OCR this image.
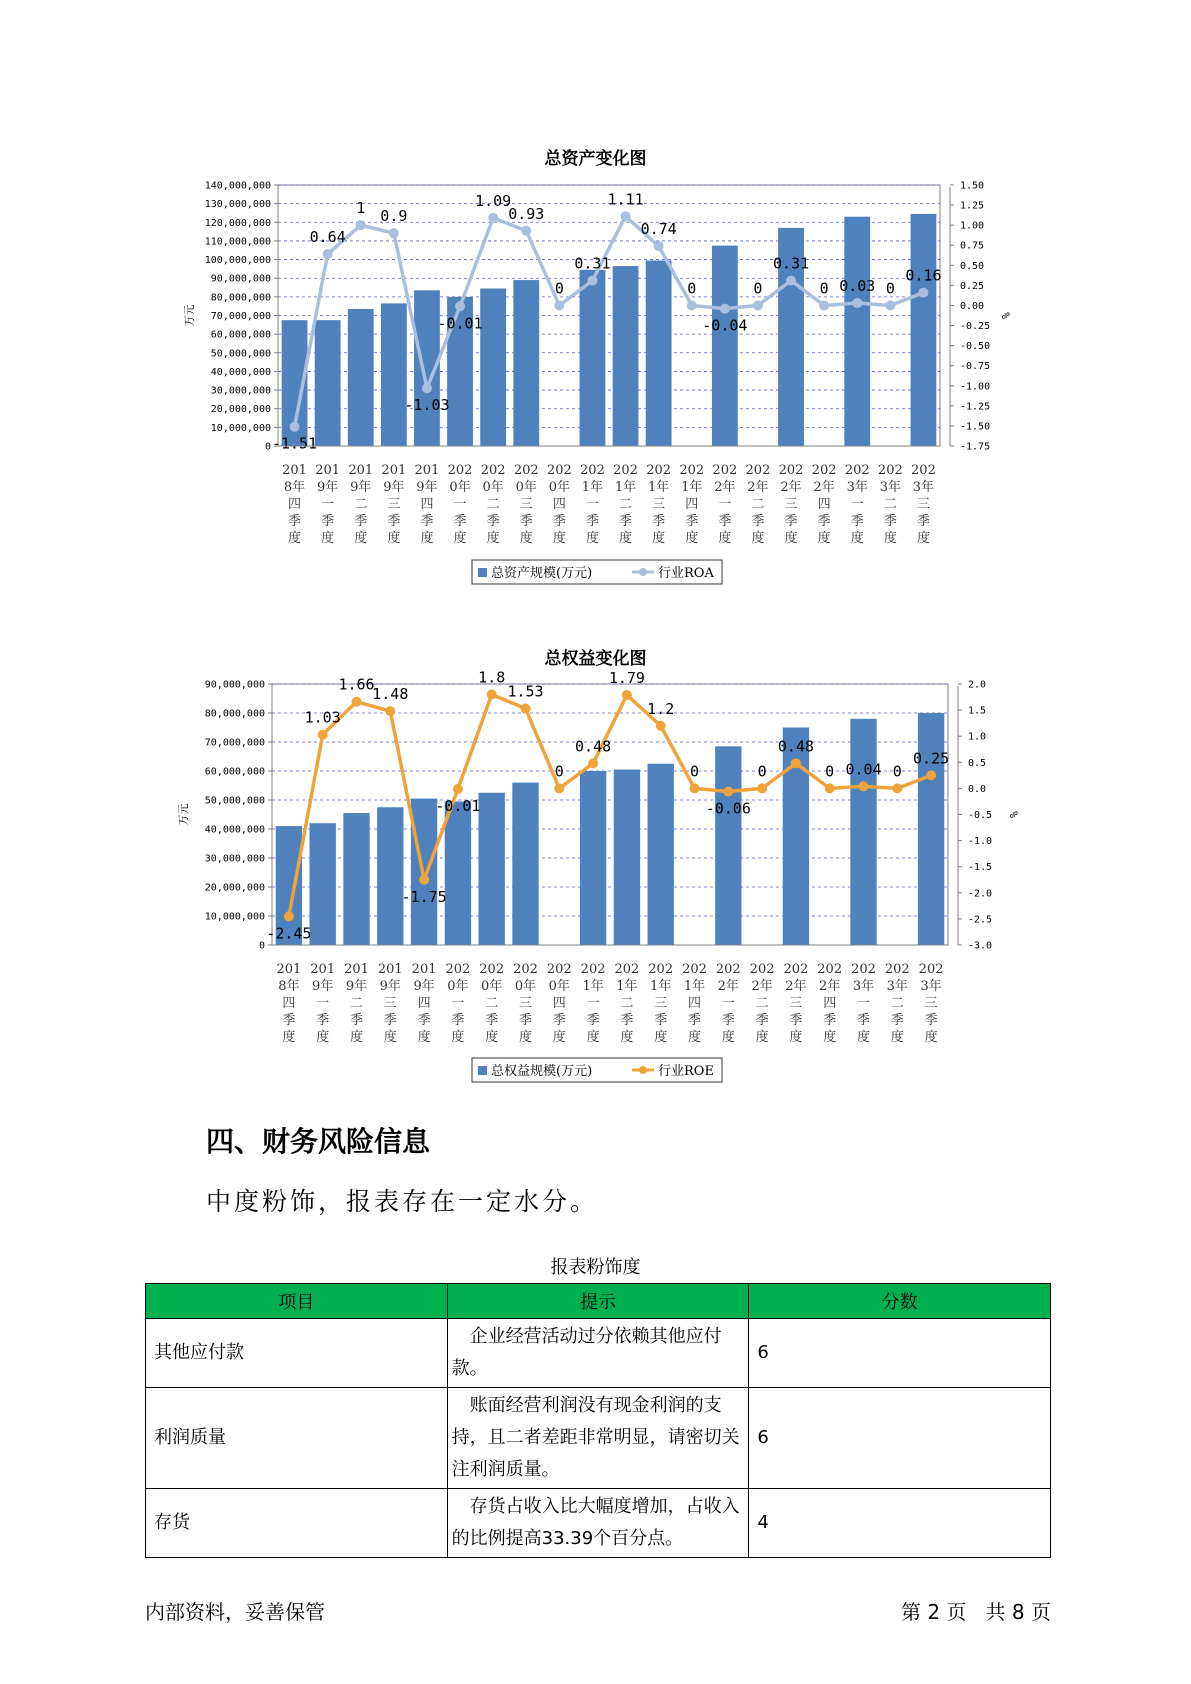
总资产变化图
0
10,000,000
20,000,000
30,000,000
40,000,000
50,000,000
60,000,000
70,000,000
80,000,000
90,000,000
100,000,000
110,000,000
120,000,000
130,000,000
140,000,000
-1.75
-1.50
-1.25
-1.00
-0.75
-0.50
-0.25
0.00
0.25
0.50
0.75
1.00
1.25
1.50
万元	%
-1.51
0.64
1 0.9
-1.03
-0.01
1.09
0.93
0
0.31
1.11
0.74
0
-0.04
0
0.31
0 0.03 0
0.16
201
8年
四
季
度
201
9年
一
季
度
201
9年
二
季
度
201
9年
三
季
度
201
9年
四
季
度
202
0年
一
季
度
202
0年
二
季
度
202
0年
三
季
度
202
0年
四
季
度
202
1年
一
季
度
202
1年
二
季
度
202
1年
三
季
度
202
1年
四
季
度
202
2年
一
季
度
202
2年
二
季
度
202
2年
三
季
度
202
2年
四
季
度
202
3年
一
季
度
202
3年
二
季
度
202
3年
三
季
度
总资产规模(万元)	行业ROA
总权益变化图
0
10,000,000
20,000,000
30,000,000
40,000,000
50,000,000
60,000,000
70,000,000
80,000,000
90,000,000
-3.0
-2.5
-2.0
-1.5
-1.0
-0.5
0.0
0.5
1.0
1.5
2.0
万元	%
-2.45
1.03
1.66
1.48
-1.75
-0.01
1.8
1.53
0
0.48
1.79
1.2
0
-0.06
0
0.48
0 0.04 0
0.25
201
8年
四
季
度
201
9年
一
季
度
201
9年
二
季
度
201
9年
三
季
度
201
9年
四
季
度
202
0年
一
季
度
202
0年
二
季
度
202
0年
三
季
度
202
0年
四
季
度
202
1年
一
季
度
202
1年
二
季
度
202
1年
三
季
度
202
1年
四
季
度
202
2年
一
季
度
202
2年
二
季
度
202
2年
三
季
度
202
2年
四
季
度
202
3年
一
季
度
202
3年
二
季
度
202
3年
三
季
度
总权益规模(万元)	行业ROE
四、财务风险信息
中度粉饰，报表存在一定水分。
报表粉饰度
项目	提示	分数
其他应付款	企业经营活动过分依赖其他应付款。	6
利润质量	账面经营利润没有现金利润的支持，且二者差距非常明显，请密切关注利润质量。	6
存货	存货占收入比大幅度增加，占收入的比例提高33.39个百分点。	4
内部资料，妥善保管	第 2 页   共 8 页
